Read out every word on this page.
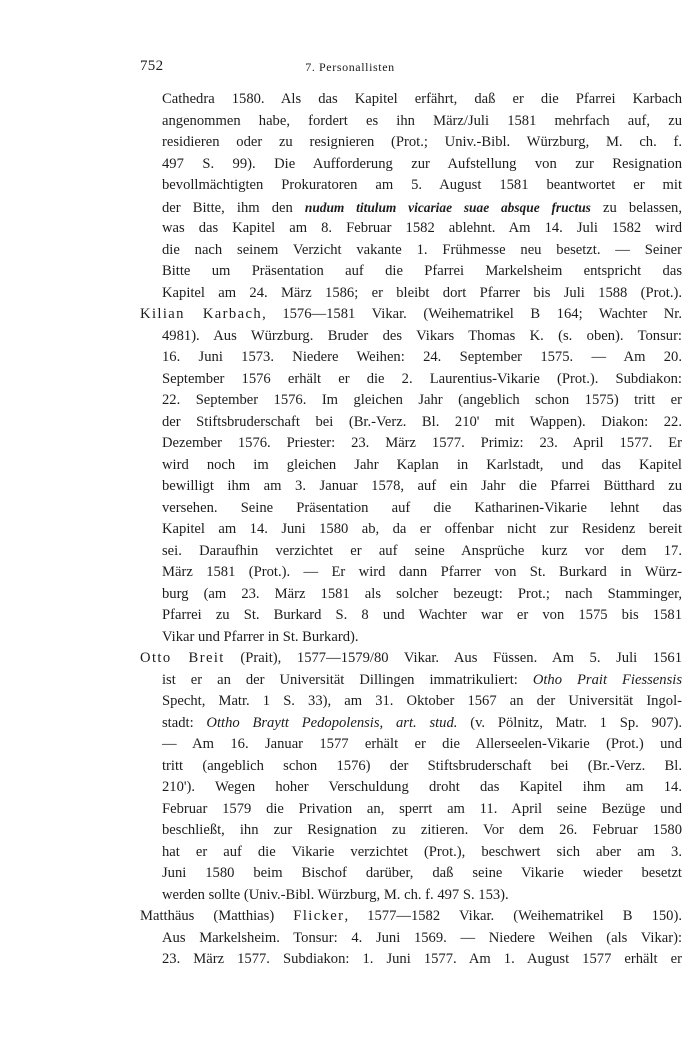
752	7. Personallisten
Cathedra 1580. Als das Kapitel erfährt, daß er die Pfarrei Karbach
angenommen habe, fordert es ihn März/Juli 1581 mehrfach auf, zu
residieren oder zu resignieren (Prot.; Univ.-Bibl. Würzburg, M. ch. f.
497 S. 99). Die Aufforderung zur Aufstellung von zur Resignation
bevollmächtigten Prokuratoren am 5. August 1581 beantwortet er mit
der Bitte, ihm den nudum titulum vicariae suae absque fructus zu belassen,
was das Kapitel am 8. Februar 1582 ablehnt. Am 14. Juli 1582 wird
die nach seinem Verzicht vakante 1. Frühmesse neu besetzt. — Seiner
Bitte um Präsentation auf die Pfarrei Markelsheim entspricht das
Kapitel am 24. März 1586; er bleibt dort Pfarrer bis Juli 1588 (Prot.).
Kilian Karbach, 1576—1581 Vikar. (Weihematrikel B 164; Wachter Nr.
4981). Aus Würzburg. Bruder des Vikars Thomas K. (s. oben). Tonsur:
16. Juni 1573. Niedere Weihen: 24. September 1575. — Am 20.
September 1576 erhält er die 2. Laurentius-Vikarie (Prot.). Subdiakon:
22. September 1576. Im gleichen Jahr (angeblich schon 1575) tritt er
der Stiftsbruderschaft bei (Br.-Verz. Bl. 210' mit Wappen). Diakon: 22.
Dezember 1576. Priester: 23. März 1577. Primiz: 23. April 1577. Er
wird noch im gleichen Jahr Kaplan in Karlstadt, und das Kapitel
bewilligt ihm am 3. Januar 1578, auf ein Jahr die Pfarrei Bütthard zu
versehen. Seine Präsentation auf die Katharinen-Vikarie lehnt das
Kapitel am 14. Juni 1580 ab, da er offenbar nicht zur Residenz bereit
sei. Daraufhin verzichtet er auf seine Ansprüche kurz vor dem 17.
März 1581 (Prot.). — Er wird dann Pfarrer von St. Burkard in Würz-
burg (am 23. März 1581 als solcher bezeugt: Prot.; nach Stamminger,
Pfarrei zu St. Burkard S. 8 und Wachter war er von 1575 bis 1581
Vikar und Pfarrer in St. Burkard).
Otto Breit (Prait), 1577—1579/80 Vikar. Aus Füssen. Am 5. Juli 1561
ist er an der Universität Dillingen immatrikuliert: Otho Prait Fiessensis
Specht, Matr. 1 S. 33), am 31. Oktober 1567 an der Universität Ingol-
stadt: Ottho Braytt Pedopolensis, art. stud. (v. Pölnitz, Matr. 1 Sp. 907).
— Am 16. Januar 1577 erhält er die Allerseelen-Vikarie (Prot.) und
tritt (angeblich schon 1576) der Stiftsbruderschaft bei (Br.-Verz. Bl.
210'). Wegen hoher Verschuldung droht das Kapitel ihm am 14.
Februar 1579 die Privation an, sperrt am 11. April seine Bezüge und
beschließt, ihn zur Resignation zu zitieren. Vor dem 26. Februar 1580
hat er auf die Vikarie verzichtet (Prot.), beschwert sich aber am 3.
Juni 1580 beim Bischof darüber, daß seine Vikarie wieder besetzt
werden sollte (Univ.-Bibl. Würzburg, M. ch. f. 497 S. 153).
Matthäus (Matthias) Flicker, 1577—1582 Vikar. (Weihematrikel B 150).
Aus Markelsheim. Tonsur: 4. Juni 1569. — Niedere Weihen (als Vikar):
23. März 1577. Subdiakon: 1. Juni 1577. Am 1. August 1577 erhält er
